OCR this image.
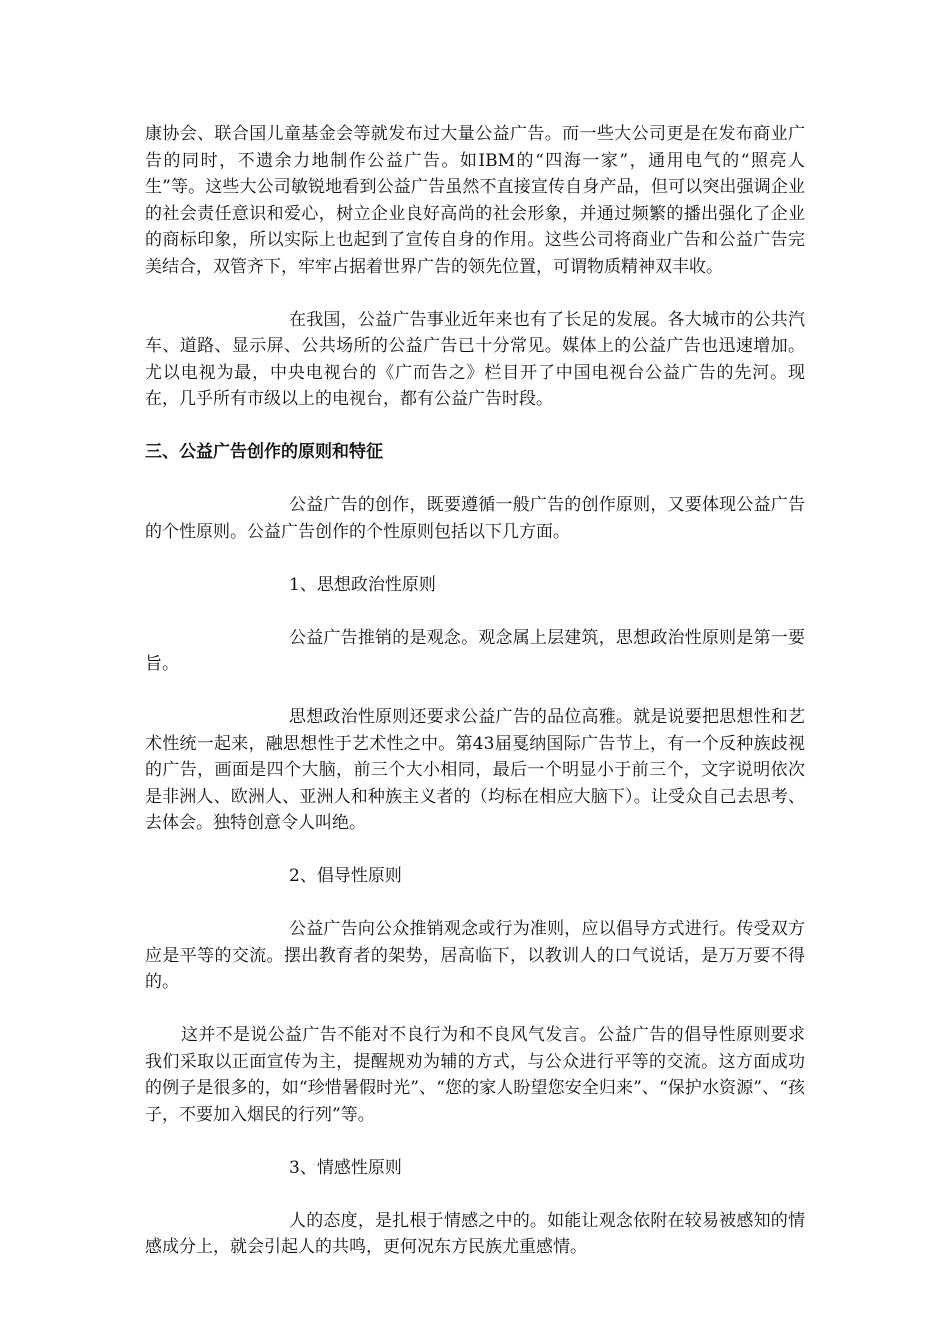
康协会、联合国儿童基金会等就发布过大量公益广告。而一些大公司更是在发布商业广告的同时，不遗余力地制作公益广告。如IBM的“四海一家”，通用电气的“照亮人生”等。这些大公司敏锐地看到公益广告虽然不直接宣传自身产品，但可以突出强调企业的社会责任意识和爱心，树立企业良好高尚的社会形象，并通过频繁的播出强化了企业的商标印象，所以实际上也起到了宣传自身的作用。这些公司将商业广告和公益广告完美结合，双管齐下，牢牢占据着世界广告的领先位置，可谓物质精神双丰收。

在我国，公益广告事业近年来也有了长足的发展。各大城市的公共汽车、道路、显示屏、公共场所的公益广告已十分常见。媒体上的公益广告也迅速增加。尤以电视为最，中央电视台的《广而告之》栏目开了中国电视台公益广告的先河。现在，几乎所有市级以上的电视台，都有公益广告时段。

三、公益广告创作的原则和特征

公益广告的创作，既要遵循一般广告的创作原则，又要体现公益广告的个性原则。公益广告创作的个性原则包括以下几方面。

1、思想政治性原则

公益广告推销的是观念。观念属上层建筑，思想政治性原则是第一要旨。

思想政治性原则还要求公益广告的品位高雅。就是说要把思想性和艺术性统一起来，融思想性于艺术性之中。第43届戛纳国际广告节上，有一个反种族歧视的广告，画面是四个大脑，前三个大小相同，最后一个明显小于前三个，文字说明依次是非洲人、欧洲人、亚洲人和种族主义者的（均标在相应大脑下）。让受众自己去思考、去体会。独特创意令人叫绝。

2、倡导性原则

公益广告向公众推销观念或行为准则，应以倡导方式进行。传受双方应是平等的交流。摆出教育者的架势，居高临下，以教训人的口气说话，是万万要不得的。

这并不是说公益广告不能对不良行为和不良风气发言。公益广告的倡导性原则要求我们采取以正面宣传为主，提醒规劝为辅的方式，与公众进行平等的交流。这方面成功的例子是很多的，如“珍惜暑假时光”、“您的家人盼望您安全归来”、“保护水资源”、“孩子，不要加入烟民的行列”等。

3、情感性原则

人的态度，是扎根于情感之中的。如能让观念依附在较易被感知的情感成分上，就会引起人的共鸣，更何况东方民族尤重感情。
